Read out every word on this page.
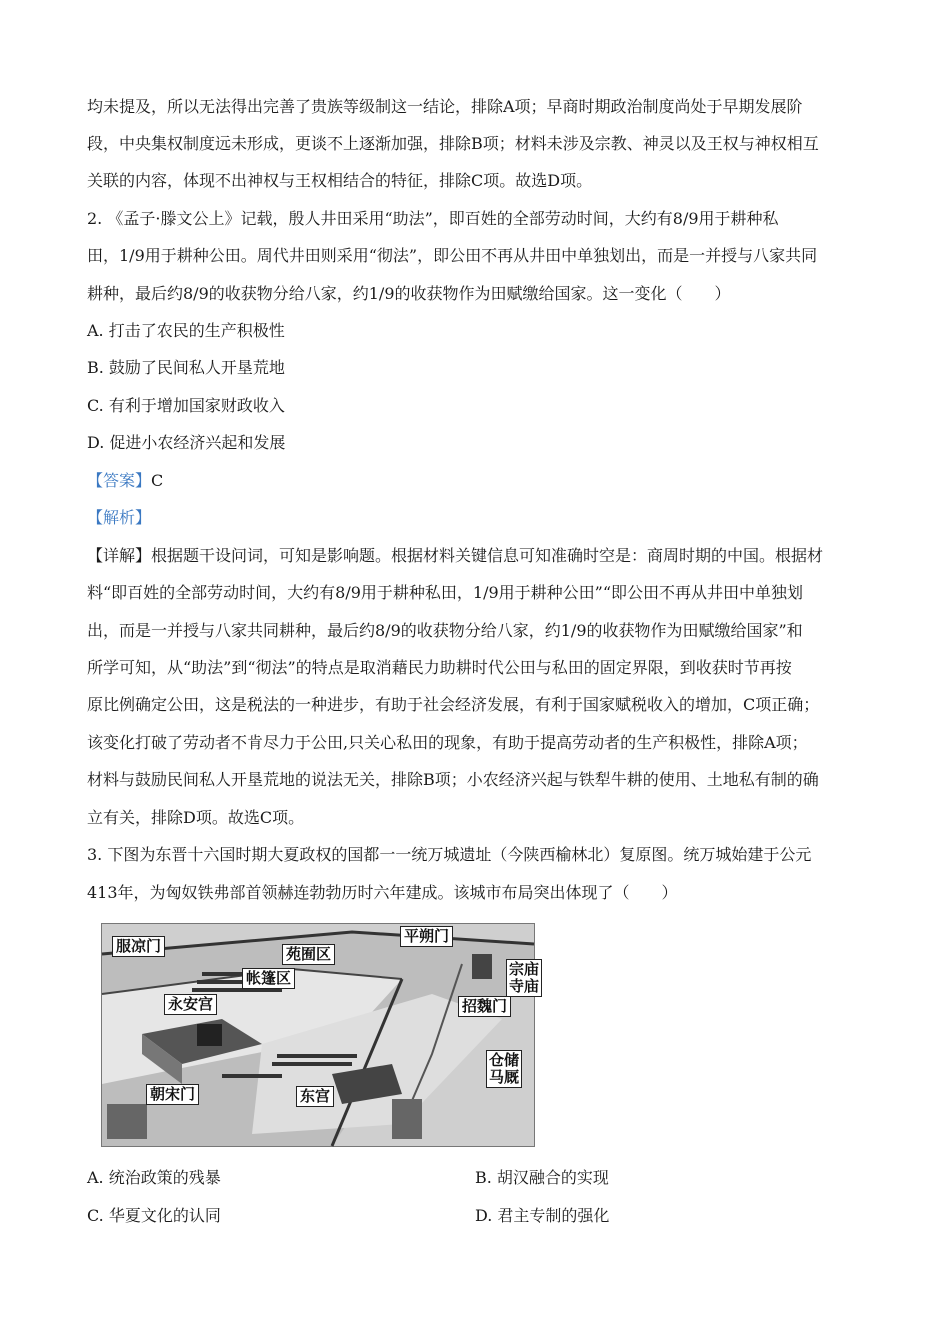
均未提及，所以无法得出完善了贵族等级制这一结论，排除A项；早商时期政治制度尚处于早期发展阶
段，中央集权制度远未形成，更谈不上逐渐加强，排除B项；材料未涉及宗教、神灵以及王权与神权相互
关联的内容，体现不出神权与王权相结合的特征，排除C项。故选D项。
2. 《孟子·滕文公上》记载，殷人井田采用“助法”，即百姓的全部劳动时间，大约有8/9用于耕种私
田，1/9用于耕种公田。周代井田则采用“彻法”，即公田不再从井田中单独划出，而是一并授与八家共同
耕种，最后约8/9的收获物分给八家，约1/9的收获物作为田赋缴给国家。这一变化（　　）
A. 打击了农民的生产积极性
B. 鼓励了民间私人开垦荒地
C. 有利于增加国家财政收入
D. 促进小农经济兴起和发展
【答案】C
【解析】
【详解】根据题干设问词，可知是影响题。根据材料关键信息可知准确时空是：商周时期的中国。根据材
料“即百姓的全部劳动时间，大约有8/9用于耕种私田，1/9用于耕种公田”“即公田不再从井田中单独划
出，而是一并授与八家共同耕种，最后约8/9的收获物分给八家，约1/9的收获物作为田赋缴给国家”和
所学可知，从“助法”到“彻法”的特点是取消藉民力助耕时代公田与私田的固定界限，到收获时节再按
原比例确定公田，这是税法的一种进步，有助于社会经济发展，有利于国家赋税收入的增加，C项正确；
该变化打破了劳动者不肯尽力于公田,只关心私田的现象，有助于提高劳动者的生产积极性，排除A项；
材料与鼓励民间私人开垦荒地的说法无关，排除B项；小农经济兴起与铁犁牛耕的使用、土地私有制的确
立有关，排除D项。故选C项。
3. 下图为东晋十六国时期大夏政权的国都一一统万城遗址（今陕西榆林北）复原图。统万城始建于公元
413年，为匈奴铁弗部首领赫连勃勃历时六年建成。该城市布局突出体现了（　　）
服凉门	苑囿区
平朔门
宗庙
寺庙
帐篷区
永安宫	招魏门
仓储
马厩
朝宋门	东宫
A. 统治政策的残暴	B. 胡汉融合的实现
C. 华夏文化的认同	D. 君主专制的强化
